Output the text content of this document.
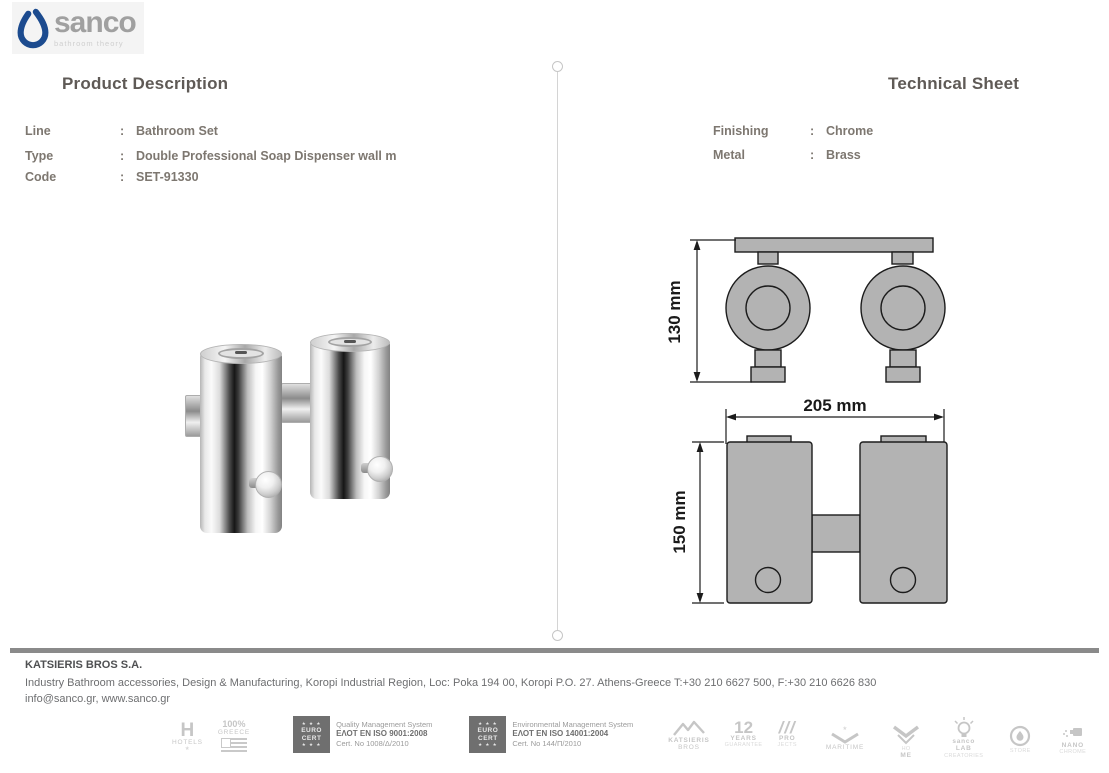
sanco
bathroom theory
Product Description	Technical Sheet
Line	: Bathroom Set
Type	: Double Professional Soap Dispenser wall m
Code	: SET-91330
Finishing	: Chrome
Metal	: Brass
130 mm
205 mm
150 mm
KATSIERIS BROS S.A.
Industry Bathroom accessories, Design & Manufacturing, Koropi Industrial Region, Loc: Poka 194 00, Koropi P.O. 27. Athens-Greece T:+30 210 6627 500, F:+30 210 6626 830
info@sanco.gr, www.sanco.gr
H
HOTELS
★
100%
GREECE
★ ★ ★
EURO
CERT
★ ★ ★
Quality Management System
ΕΛΟΤ EN ISO 9001:2008
Cert. No 1008/Δ/2010
★ ★ ★
EURO
CERT
★ ★ ★
Environmental Management System
ΕΛΟΤ EN ISO 14001:2004
Cert. No 144/Π/2010	KATSIERIS
BROS
12
YEARS
GUARANTEE
///
PRO
JECTS
★
MARITIME	HO
ME
sanco
LAB
CREATORIES
STORE
NANO
CHROME
